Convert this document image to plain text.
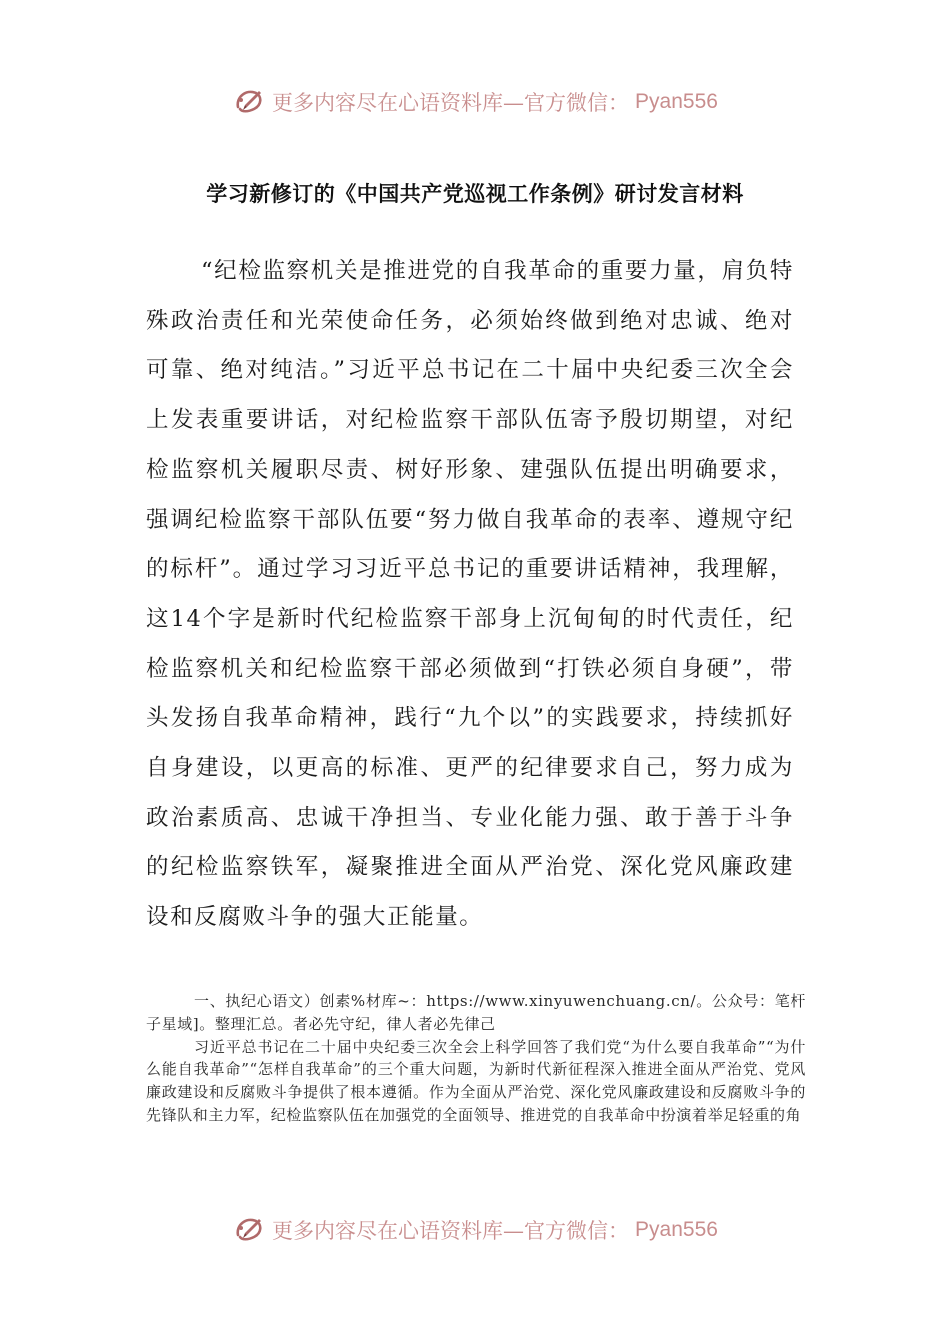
更多内容尽在心语资料库—官方微信： Pyan556
学习新修订的《中国共产党巡视工作条例》研讨发言材料
“纪检监察机关是推进党的自我革命的重要力量，肩负特殊政治责任和光荣使命任务，必须始终做到绝对忠诚、绝对可靠、绝对纯洁。”习近平总书记在二十届中央纪委三次全会上发表重要讲话，对纪检监察干部队伍寄予殷切期望，对纪检监察机关履职尽责、树好形象、建强队伍提出明确要求，强调纪检监察干部队伍要“努力做自我革命的表率、遵规守纪的标杆”。通过学习习近平总书记的重要讲话精神，我理解，这14个字是新时代纪检监察干部身上沉甸甸的时代责任，纪检监察机关和纪检监察干部必须做到“打铁必须自身硬”，带头发扬自我革命精神，践行“九个以”的实践要求，持续抓好自身建设，以更高的标准、更严的纪律要求自己，努力成为政治素质高、忠诚干净担当、专业化能力强、敢于善于斗争的纪检监察铁军，凝聚推进全面从严治党、深化党风廉政建设和反腐败斗争的强大正能量。

一、执纪心语文）创素%材库~：https://www.xinyuwenchuang.cn/。公众号：笔杆子星域]。整理汇总。者必先守纪，律人者必先律己

习近平总书记在二十届中央纪委三次全会上科学回答了我们党“为什么要自我革命”“为什么能自我革命”“怎样自我革命”的三个重大问题，为新时代新征程深入推进全面从严治党、党风廉政建设和反腐败斗争提供了根本遵循。作为全面从严治党、深化党风廉政建设和反腐败斗争的先锋队和主力军，纪检监察队伍在加强党的全面领导、推进党的自我革命中扮演着举足轻重的角

更多内容尽在心语资料库—官方微信： Pyan556
